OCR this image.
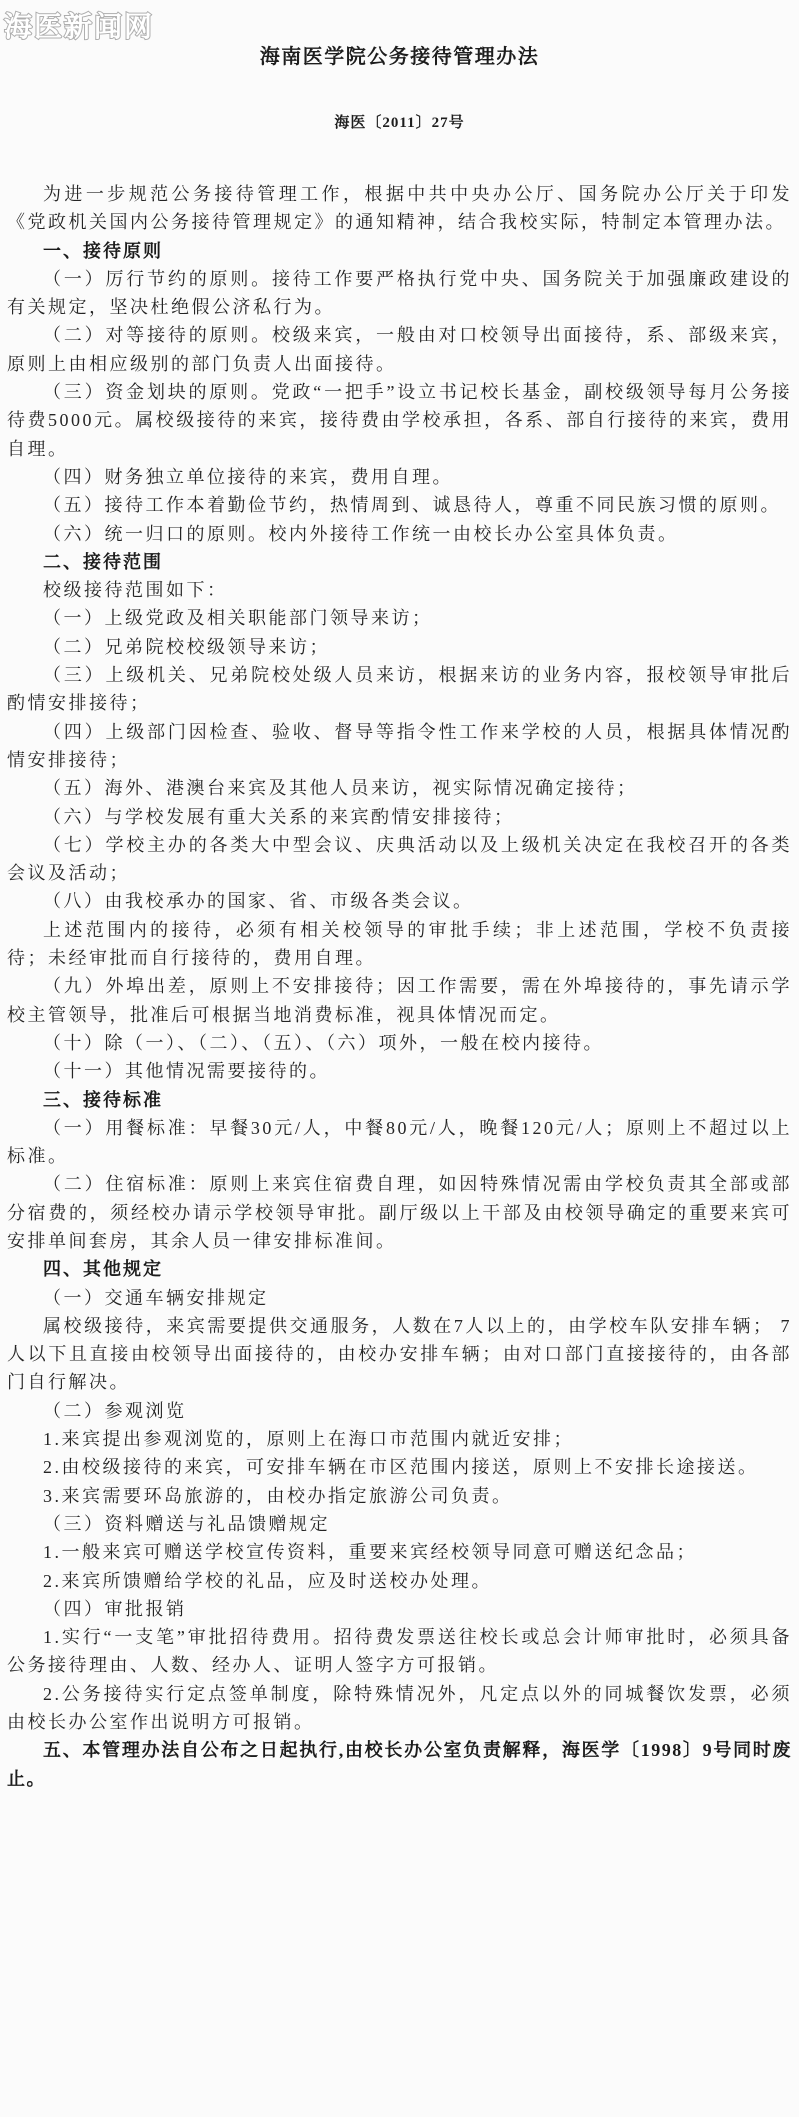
海医新闻网
海南医学院公务接待管理办法
海医〔2011〕27号

为进一步规范公务接待管理工作，根据中共中央办公厅、国务院办公厅关于印发《党政机关国内公务接待管理规定》的通知精神，结合我校实际，特制定本管理办法。

一、接待原则

（一）厉行节约的原则。接待工作要严格执行党中央、国务院关于加强廉政建设的有关规定，坚决杜绝假公济私行为。

（二）对等接待的原则。校级来宾，一般由对口校领导出面接待，系、部级来宾，原则上由相应级别的部门负责人出面接待。

（三）资金划块的原则。党政“一把手”设立书记校长基金，副校级领导每月公务接待费5000元。属校级接待的来宾，接待费由学校承担，各系、部自行接待的来宾，费用自理。

（四）财务独立单位接待的来宾，费用自理。

（五）接待工作本着勤俭节约，热情周到、诚恳待人，尊重不同民族习惯的原则。

（六）统一归口的原则。校内外接待工作统一由校长办公室具体负责。

二、接待范围

校级接待范围如下：

（一）上级党政及相关职能部门领导来访；

（二）兄弟院校校级领导来访；

（三）上级机关、兄弟院校处级人员来访，根据来访的业务内容，报校领导审批后酌情安排接待；

（四）上级部门因检查、验收、督导等指令性工作来学校的人员，根据具体情况酌情安排接待；

（五）海外、港澳台来宾及其他人员来访，视实际情况确定接待；

（六）与学校发展有重大关系的来宾酌情安排接待；

（七）学校主办的各类大中型会议、庆典活动以及上级机关决定在我校召开的各类会议及活动；

（八）由我校承办的国家、省、市级各类会议。

上述范围内的接待，必须有相关校领导的审批手续；非上述范围，学校不负责接待；未经审批而自行接待的，费用自理。

（九）外埠出差，原则上不安排接待；因工作需要，需在外埠接待的，事先请示学校主管领导，批准后可根据当地消费标准，视具体情况而定。

（十）除（一）、（二）、（五）、（六）项外，一般在校内接待。

（十一）其他情况需要接待的。

三、接待标准

（一）用餐标准：早餐30元/人，中餐80元/人，晚餐120元/人；原则上不超过以上标准。

（二）住宿标准：原则上来宾住宿费自理，如因特殊情况需由学校负责其全部或部分宿费的，须经校办请示学校领导审批。副厅级以上干部及由校领导确定的重要来宾可安排单间套房，其余人员一律安排标准间。

四、其他规定

（一）交通车辆安排规定

属校级接待，来宾需要提供交通服务，人数在7人以上的，由学校车队安排车辆； 7人以下且直接由校领导出面接待的，由校办安排车辆；由对口部门直接接待的，由各部门自行解决。

（二）参观浏览

1.来宾提出参观浏览的，原则上在海口市范围内就近安排；

2.由校级接待的来宾，可安排车辆在市区范围内接送，原则上不安排长途接送。

3.来宾需要环岛旅游的，由校办指定旅游公司负责。

（三）资料赠送与礼品馈赠规定

1.一般来宾可赠送学校宣传资料，重要来宾经校领导同意可赠送纪念品；

2.来宾所馈赠给学校的礼品，应及时送校办处理。

（四）审批报销

1.实行“一支笔”审批招待费用。招待费发票送往校长或总会计师审批时，必须具备公务接待理由、人数、经办人、证明人签字方可报销。

2.公务接待实行定点签单制度，除特殊情况外，凡定点以外的同城餐饮发票，必须由校长办公室作出说明方可报销。

五、本管理办法自公布之日起执行,由校长办公室负责解释，海医学〔1998〕9号同时废止。
